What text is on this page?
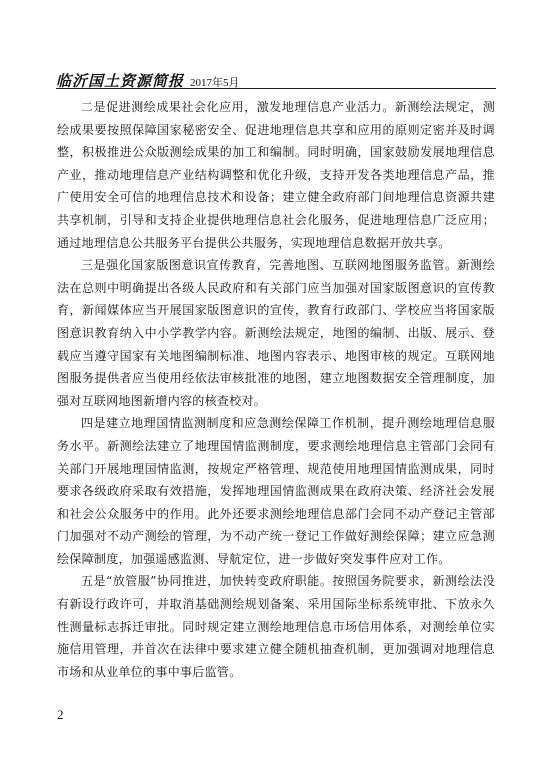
临沂国土资源简报 2017年5月

二是促进测绘成果社会化应用，激发地理信息产业活力。新测绘法规定，测绘成果要按照保障国家秘密安全、促进地理信息共享和应用的原则定密并及时调整，积极推进公众版测绘成果的加工和编制。同时明确，国家鼓励发展地理信息产业，推动地理信息产业结构调整和优化升级，支持开发各类地理信息产品，推广使用安全可信的地理信息技术和设备；建立健全政府部门间地理信息资源共建共享机制，引导和支持企业提供地理信息社会化服务，促进地理信息广泛应用；通过地理信息公共服务平台提供公共服务，实现地理信息数据开放共享。

三是强化国家版图意识宣传教育，完善地图、互联网地图服务监管。新测绘法在总则中明确提出各级人民政府和有关部门应当加强对国家版图意识的宣传教育，新闻媒体应当开展国家版图意识的宣传，教育行政部门、学校应当将国家版图意识教育纳入中小学教学内容。新测绘法规定，地图的编制、出版、展示、登载应当遵守国家有关地图编制标准、地图内容表示、地图审核的规定。互联网地图服务提供者应当使用经依法审核批准的地图，建立地图数据安全管理制度，加强对互联网地图新增内容的核查校对。

四是建立地理国情监测制度和应急测绘保障工作机制，提升测绘地理信息服务水平。新测绘法建立了地理国情监测制度，要求测绘地理信息主管部门会同有关部门开展地理国情监测，按规定严格管理、规范使用地理国情监测成果，同时要求各级政府采取有效措施，发挥地理国情监测成果在政府决策、经济社会发展和社会公众服务中的作用。此外还要求测绘地理信息部门会同不动产登记主管部门加强对不动产测绘的管理，为不动产统一登记工作做好测绘保障；建立应急测绘保障制度，加强遥感监测、导航定位，进一步做好突发事件应对工作。

五是“放管服”协同推进，加快转变政府职能。按照国务院要求，新测绘法没有新设行政许可，并取消基础测绘规划备案、采用国际坐标系统审批、下放永久性测量标志拆迁审批。同时规定建立测绘地理信息市场信用体系，对测绘单位实施信用管理，并首次在法律中要求建立健全随机抽查机制，更加强调对地理信息市场和从业单位的事中事后监管。

2
